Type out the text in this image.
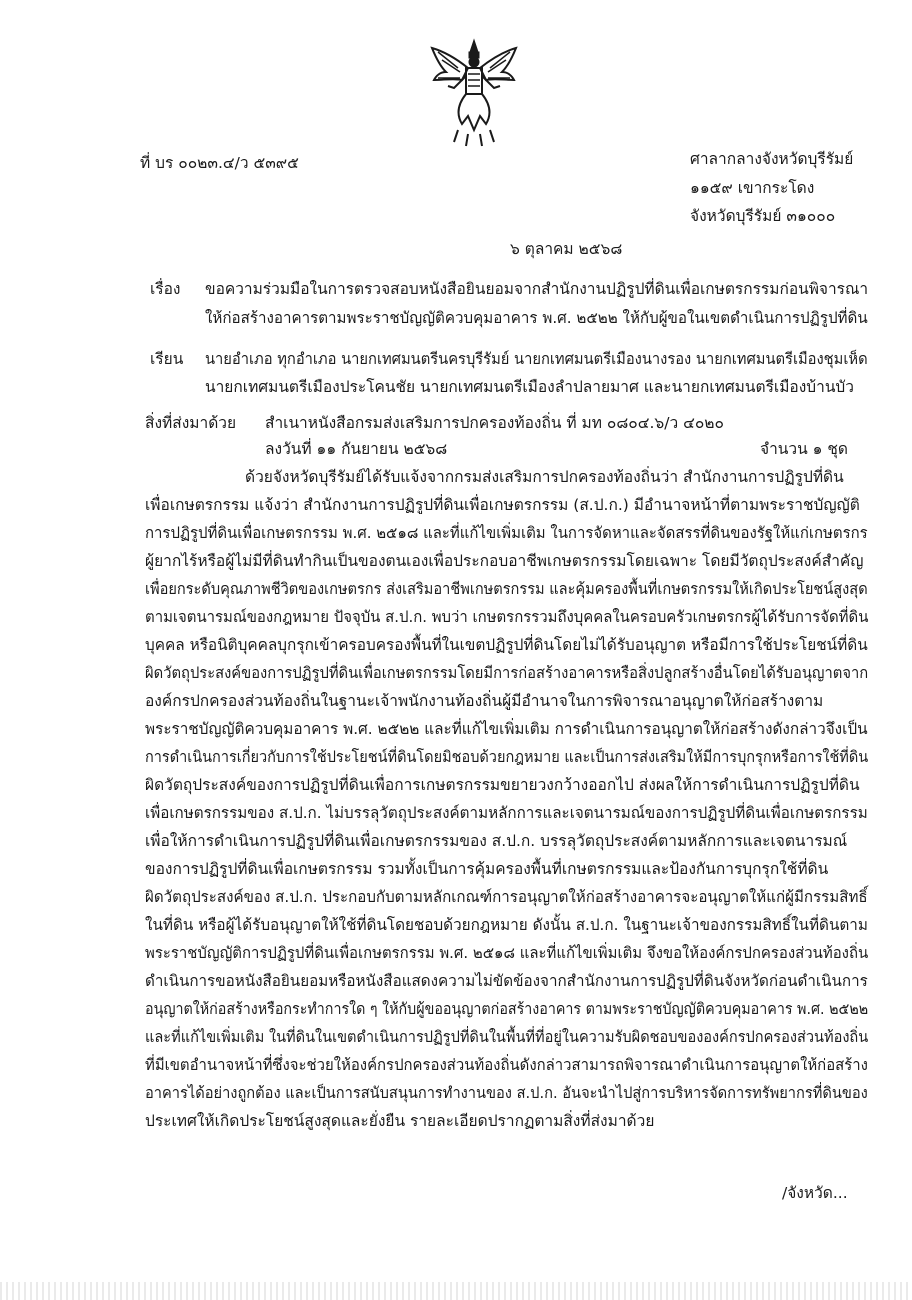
ที่ บร ๐๐๒๓.๔/ว ๕๓๙๕	ศาลากลางจังหวัดบุรีรัมย์
๑๑๕๙ เขากระโดง
จังหวัดบุรีรัมย์ ๓๑๐๐๐
๖ ตุลาคม ๒๕๖๘
เรื่อง ขอความร่วมมือในการตรวจสอบหนังสือยินยอมจากสำนักงานปฏิรูปที่ดินเพื่อเกษตรกรรมก่อนพิจารณา
ให้ก่อสร้างอาคารตามพระราชบัญญัติควบคุมอาคาร พ.ศ. ๒๕๒๒ ให้กับผู้ขอในเขตดำเนินการปฏิรูปที่ดิน
เรียน นายอำเภอ ทุกอำเภอ นายกเทศมนตรีนครบุรีรัมย์ นายกเทศมนตรีเมืองนางรอง นายกเทศมนตรีเมืองชุมเห็ด
นายกเทศมนตรีเมืองประโคนชัย นายกเทศมนตรีเมืองลำปลายมาศ และนายกเทศมนตรีเมืองบ้านบัว
สิ่งที่ส่งมาด้วย สำเนาหนังสือกรมส่งเสริมการปกครองท้องถิ่น ที่ มท ๐๘๐๔.๖/ว ๔๐๒๐
ลงวันที่ ๑๑ กันยายน ๒๕๖๘	จำนวน ๑ ชุด
ด้วยจังหวัดบุรีรัมย์ได้รับแจ้งจากกรมส่งเสริมการปกครองท้องถิ่นว่า สำนักงานการปฏิรูปที่ดิน
เพื่อเกษตรกรรม แจ้งว่า สำนักงานการปฏิรูปที่ดินเพื่อเกษตรกรรม (ส.ป.ก.) มีอำนาจหน้าที่ตามพระราชบัญญัติ
การปฏิรูปที่ดินเพื่อเกษตรกรรม พ.ศ. ๒๕๑๘ และที่แก้ไขเพิ่มเติม ในการจัดหาและจัดสรรที่ดินของรัฐให้แก่เกษตรกร
ผู้ยากไร้หรือผู้ไม่มีที่ดินทำกินเป็นของตนเองเพื่อประกอบอาชีพเกษตรกรรมโดยเฉพาะ โดยมีวัตถุประสงค์สำคัญ
เพื่อยกระดับคุณภาพชีวิตของเกษตรกร ส่งเสริมอาชีพเกษตรกรรม และคุ้มครองพื้นที่เกษตรกรรมให้เกิดประโยชน์สูงสุด
ตามเจตนารมณ์ของกฎหมาย ปัจจุบัน ส.ป.ก. พบว่า เกษตรกรรวมถึงบุคคลในครอบครัวเกษตรกรผู้ได้รับการจัดที่ดิน
บุคคล หรือนิติบุคคลบุกรุกเข้าครอบครองพื้นที่ในเขตปฏิรูปที่ดินโดยไม่ได้รับอนุญาต หรือมีการใช้ประโยชน์ที่ดิน
ผิดวัตถุประสงค์ของการปฏิรูปที่ดินเพื่อเกษตรกรรมโดยมีการก่อสร้างอาคารหรือสิ่งปลูกสร้างอื่นโดยได้รับอนุญาตจาก
องค์กรปกครองส่วนท้องถิ่นในฐานะเจ้าพนักงานท้องถิ่นผู้มีอำนาจในการพิจารณาอนุญาตให้ก่อสร้างตาม
พระราชบัญญัติควบคุมอาคาร พ.ศ. ๒๕๒๒ และที่แก้ไขเพิ่มเติม การดำเนินการอนุญาตให้ก่อสร้างดังกล่าวจึงเป็น
การดำเนินการเกี่ยวกับการใช้ประโยชน์ที่ดินโดยมิชอบด้วยกฎหมาย และเป็นการส่งเสริมให้มีการบุกรุกหรือการใช้ที่ดิน
ผิดวัตถุประสงค์ของการปฏิรูปที่ดินเพื่อการเกษตรกรรมขยายวงกว้างออกไป ส่งผลให้การดำเนินการปฏิรูปที่ดิน
เพื่อเกษตรกรรมของ ส.ป.ก. ไม่บรรลุวัตถุประสงค์ตามหลักการและเจตนารมณ์ของการปฏิรูปที่ดินเพื่อเกษตรกรรม
เพื่อให้การดำเนินการปฏิรูปที่ดินเพื่อเกษตรกรรมของ ส.ป.ก. บรรลุวัตถุประสงค์ตามหลักการและเจตนารมณ์
ของการปฏิรูปที่ดินเพื่อเกษตรกรรม รวมทั้งเป็นการคุ้มครองพื้นที่เกษตรกรรมและป้องกันการบุกรุกใช้ที่ดิน
ผิดวัตถุประสงค์ของ ส.ป.ก. ประกอบกับตามหลักเกณฑ์การอนุญาตให้ก่อสร้างอาคารจะอนุญาตให้แก่ผู้มีกรรมสิทธิ์
ในที่ดิน หรือผู้ได้รับอนุญาตให้ใช้ที่ดินโดยชอบด้วยกฎหมาย ดังนั้น ส.ป.ก. ในฐานะเจ้าของกรรมสิทธิ์ในที่ดินตาม
พระราชบัญญัติการปฏิรูปที่ดินเพื่อเกษตรกรรม พ.ศ. ๒๕๑๘ และที่แก้ไขเพิ่มเติม จึงขอให้องค์กรปกครองส่วนท้องถิ่น
ดำเนินการขอหนังสือยินยอมหรือหนังสือแสดงความไม่ขัดข้องจากสำนักงานการปฏิรูปที่ดินจังหวัดก่อนดำเนินการ
อนุญาตให้ก่อสร้างหรือกระทำการใด ๆ ให้กับผู้ขออนุญาตก่อสร้างอาคาร ตามพระราชบัญญัติควบคุมอาคาร พ.ศ. ๒๕๒๒
และที่แก้ไขเพิ่มเติม ในที่ดินในเขตดำเนินการปฏิรูปที่ดินในพื้นที่ที่อยู่ในความรับผิดชอบขององค์กรปกครองส่วนท้องถิ่น
ที่มีเขตอำนาจหน้าที่ซึ่งจะช่วยให้องค์กรปกครองส่วนท้องถิ่นดังกล่าวสามารถพิจารณาดำเนินการอนุญาตให้ก่อสร้าง
อาคารได้อย่างถูกต้อง และเป็นการสนับสนุนการทำงานของ ส.ป.ก. อันจะนำไปสู่การบริหารจัดการทรัพยากรที่ดินของ
ประเทศให้เกิดประโยชน์สูงสุดและยั่งยืน รายละเอียดปรากฏตามสิ่งที่ส่งมาด้วย
/จังหวัด...
